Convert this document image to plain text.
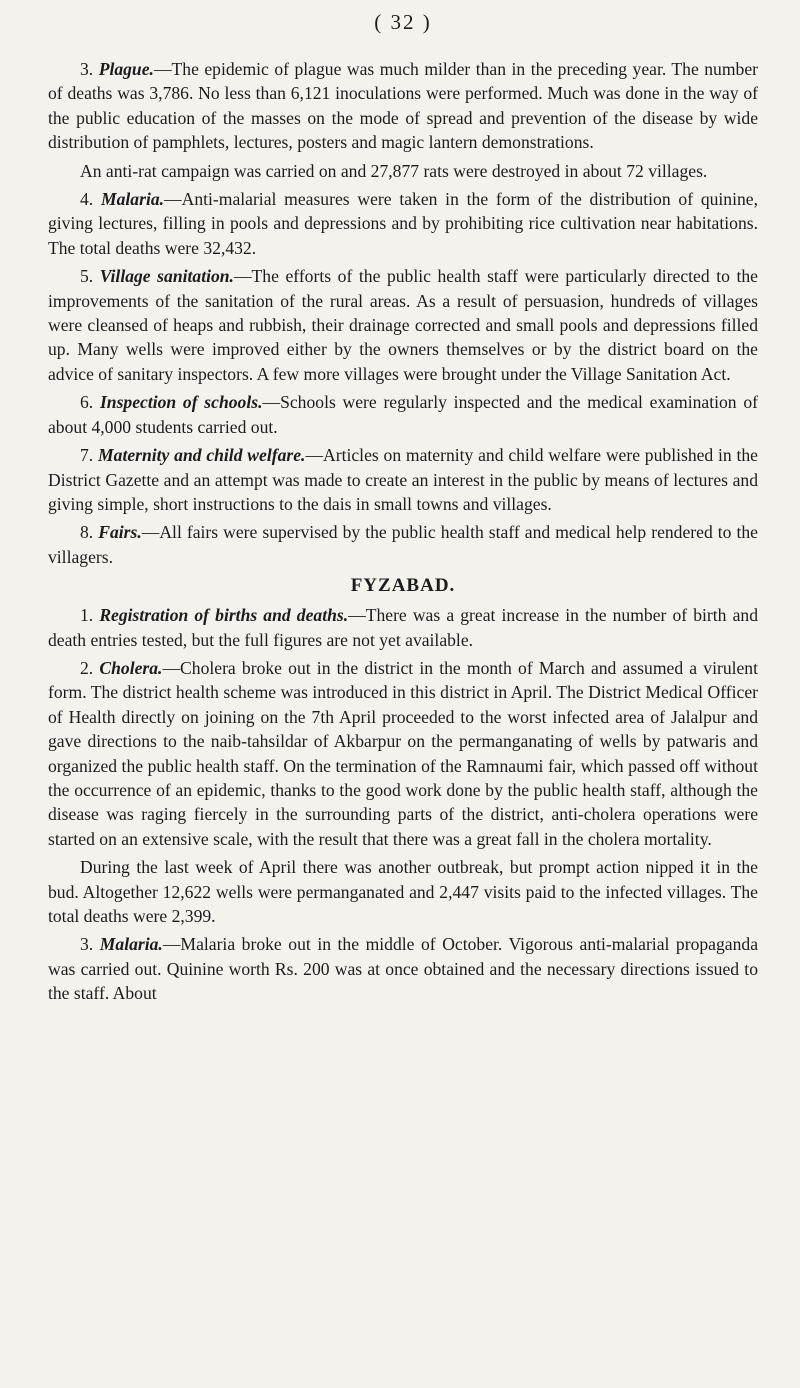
( 32 )

3. Plague.—The epidemic of plague was much milder than in the preceding year. The number of deaths was 3,786. No less than 6,121 inoculations were performed. Much was done in the way of the public education of the masses on the mode of spread and prevention of the disease by wide distribution of pamphlets, lectures, posters and magic lantern demonstrations.

An anti-rat campaign was carried on and 27,877 rats were destroyed in about 72 villages.

4. Malaria.—Anti-malarial measures were taken in the form of the distribution of quinine, giving lectures, filling in pools and depressions and by prohibiting rice cultivation near habitations. The total deaths were 32,432.

5. Village sanitation.—The efforts of the public health staff were particularly directed to the improvements of the sanitation of the rural areas. As a result of persuasion, hundreds of villages were cleansed of heaps and rubbish, their drainage corrected and small pools and depressions filled up. Many wells were improved either by the owners themselves or by the district board on the advice of sanitary inspectors. A few more villages were brought under the Village Sanitation Act.

6. Inspection of schools.—Schools were regularly inspected and the medical examination of about 4,000 students carried out.

7. Maternity and child welfare.—Articles on maternity and child welfare were published in the District Gazette and an attempt was made to create an interest in the public by means of lectures and giving simple, short instructions to the dais in small towns and villages.

8. Fairs.—All fairs were supervised by the public health staff and medical help rendered to the villagers.

FYZABAD.

1. Registration of births and deaths.—There was a great increase in the number of birth and death entries tested, but the full figures are not yet available.

2. Cholera.—Cholera broke out in the district in the month of March and assumed a virulent form. The district health scheme was introduced in this district in April. The District Medical Officer of Health directly on joining on the 7th April proceeded to the worst infected area of Jalalpur and gave directions to the naib-tahsildar of Akbarpur on the permanganating of wells by patwaris and organized the public health staff. On the termination of the Ramnaumi fair, which passed off without the occurrence of an epidemic, thanks to the good work done by the public health staff, although the disease was raging fiercely in the surrounding parts of the district, anti-cholera operations were started on an extensive scale, with the result that there was a great fall in the cholera mortality.

During the last week of April there was another outbreak, but prompt action nipped it in the bud. Altogether 12,622 wells were permanganated and 2,447 visits paid to the infected villages. The total deaths were 2,399.

3. Malaria.—Malaria broke out in the middle of October. Vigorous anti-malarial propaganda was carried out. Quinine worth Rs. 200 was at once obtained and the necessary directions issued to the staff. About
